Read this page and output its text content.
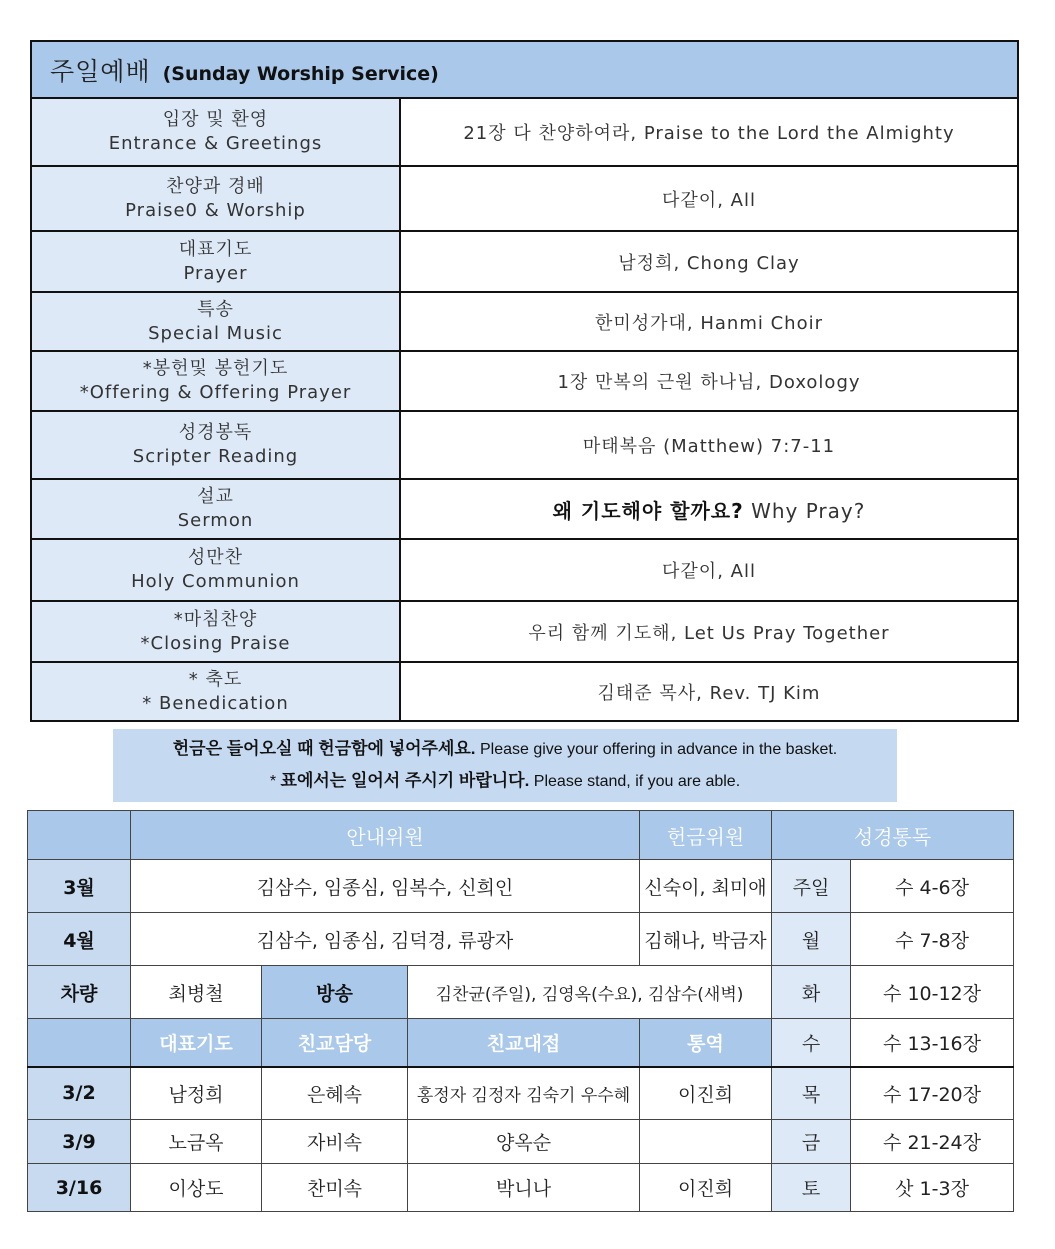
주일예배 (Sunday Worship Service)	

입장 및 환영
Entrance & Greetings	21장 다 찬양하여라, Praise to the Lord the Almighty

찬양과 경배
Praise0 & Worship	다같이, All

대표기도
Prayer	남정희, Chong Clay

특송
Special Music	한미성가대, Hanmi Choir

*봉헌및 봉헌기도
*Offering & Offering Prayer	1장 만복의 근원 하나님, Doxology

성경봉독
Scripter Reading	마태복음 (Matthew) 7:7-11

설교
Sermon	왜 기도해야 할까요? Why Pray?

성만찬
Holy Communion	다같이, All

*마침찬양
*Closing Praise	우리 함께 기도해, Let Us Pray Together

* 축도
* Benedication	김태준 목사, Rev. TJ Kim
헌금은 들어오실 때 헌금함에 넣어주세요. Please give your offering in advance in the basket.
* 표에서는 일어서 주시기 바랍니다. Please stand, if you are able.
	안내위원			헌금위원	성경통독	
3월	김삼수, 임종심, 임복수, 신희인			신숙이, 최미애	주일	수 4-6장
4월	김삼수, 임종심, 김덕경, 류광자			김해나, 박금자	월	수 7-8장
차량	최병철	방송	김찬균(주일), 김영옥(수요), 김삼수(새벽)		화	수 10-12장
	대표기도	친교담당	친교대접	통역	수	수 13-16장
3/2	남정희	은혜속	홍정자 김정자 김숙기 우수혜	이진희	목	수 17-20장
3/9	노금옥	자비속	양옥순		금	수 21-24장
3/16	이상도	찬미속	박니나	이진희	토	삿 1-3장
